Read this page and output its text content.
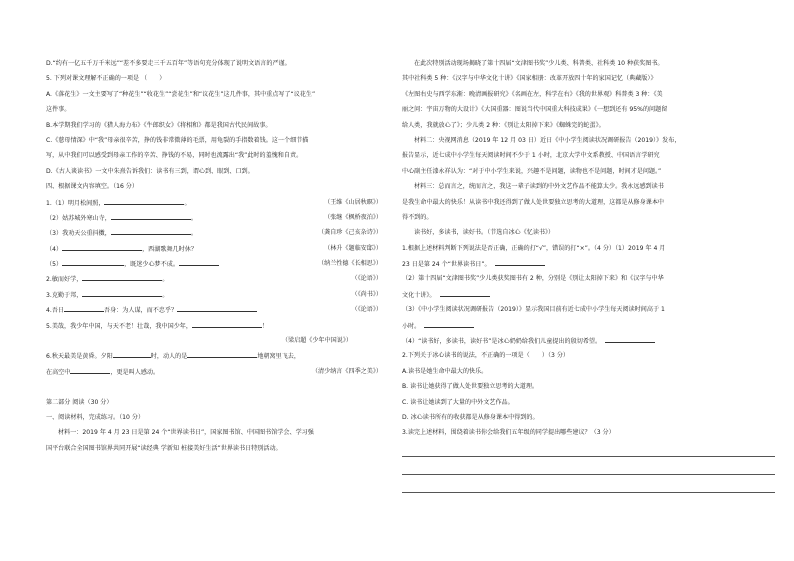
D.“约有一亿五千万千米远”“差不多要走三千五百年”等语句充分体现了说明文语言的严谨。
5. 下列对课文理解不正确的一项是 （　　）
A.《落花生》一文主要写了“种花生”“收花生”“尝花生”和“议花生”这几件事，其中重点写了“议花生”
这件事。
B.本学期我们学习的《猎人海力布》《牛郎织女》《将相和》都是我国古代民间故事。
C.《慈母情深》中“我”母亲很辛苦，挣的钱非常微薄的毛票，用龟裂的手指数着钱。这一个细节描
写，从中我们可以感受到母亲工作的辛苦、挣钱的不易，同时也流露出“我”此时的羞愧和自责。
D.《古人谈读书》一文中朱熹告诉我们：读书有三到，谓心到、眼到、口到。
四、根据课文内容填空。（16 分）
1.（1）明月松间照，	。	（王维《山居秋暝》）
（2）姑苏城外寒山寺，	。	（张继《枫桥夜泊》）
（3）我劝天公重抖擞，	。	（龚自珍《己亥杂诗》）
（4）	，西湖歌舞几时休？	（林升《题临安邸》）
（5）	，既迷少心梦不成。	（纳兰性德《长相思》）
2.敏而好学，	。	（《论语》）
3.克勤于邦，	。	（《尚书》）
4.吾日	吾身：为人谋，而不忠乎？	（《论语》）
5.美哉，我少年中国，与天不老！壮哉，我中国少年，	！
（梁启超《少年中国说》）
6.秋天最美是黄昏。夕阳	时，动人的是	地朝窝里飞去，
在高空中	，更是叫人感动。	（清少纳言《四季之美》）
第二部分 阅读（30 分）
一、阅读材料，完成练习。（10 分）
材料一：2019 年 4 月 23 日是第 24 个“世界读书日”，国家图书馆、中国图书馆学会、学习强
国平台联合全国图书馆界共同开展“读经典 学新知 桩接美好生活”世界读书日特别活动。
在此次特别活动现场揭晓了第十四届“文津图书奖”少儿类、科普类、社科类 10 种获奖图书。
其中社科类 5 种：《汉字与中华文化十讲》《国家相册：改革开放四十年的家国记忆（典藏版）》
《左图右史与西学东渐：晚清画报研究》《名画在左，科学在右》《我的世界观》科普类 3 种：《美
丽之问：宇宙万物的大设计》《大国重器：图说当代中国重大科技成果》《一想到还有 95%的问题留
给人类，我就放心了》；少儿类 2 种：《别让太阳掉下来》《蜘蛛完的蛇蛋》。
材料二：央视网消息（2019 年 12 月 03 日）近日《中小学生阅读状况调研报告（2019）》发布，
报告显示，近七成中小学生每天阅读时间不少于 1 小时，北京大学中文系教授、中国语言学研究
中心副主任漆永祥认为：“对于中小学生来说，兴趣不是问题，读物也不是问题，时间才是问题。”
材料三：总而言之，统而言之，我这一辈子读到的中外文艺作品不能算太少。我永远感到读书
是我生命中最大的快乐！从读书中我还得到了做人处世要独立思考的大道理，这都是从修身课本中
得不到的。
读书好，多读书，读好书。（节选自冰心《忆读书》）
1.根据上述材料判断下列说法是否正确，正确的打“√”，错误的打“×”。（4 分）（1）2019 年 4 月
23 日是第 24 个“世界读书日”。
（2）第十四届“文津图书奖”少儿类获奖图书有 2 种，分别是《别让太阳掉下来》和《汉字与中华
文化十讲》。
（3）《中小学生阅读状况调研报告（2019）》显示我国目前有近七成中小学生每天阅读时间高于 1
小时。
（4）“读书好，多读书，读好书”是冰心奶奶给我们儿童提出的殷切希望。
2.下列关于冰心读书的说法，不正确的一项是（　　）（3 分）
A.读书是她生命中最大的快乐。
B. 读书让她获得了做人处世要独立思考的大道理。
C. 读书让她读到了大量的中外文艺作品。
D. 冰心读书所有的收获都是从修身课本中得到的。
3.读完上述材料，围绕着读书你会给我们五年级的同学提出哪些建议？（3 分）
